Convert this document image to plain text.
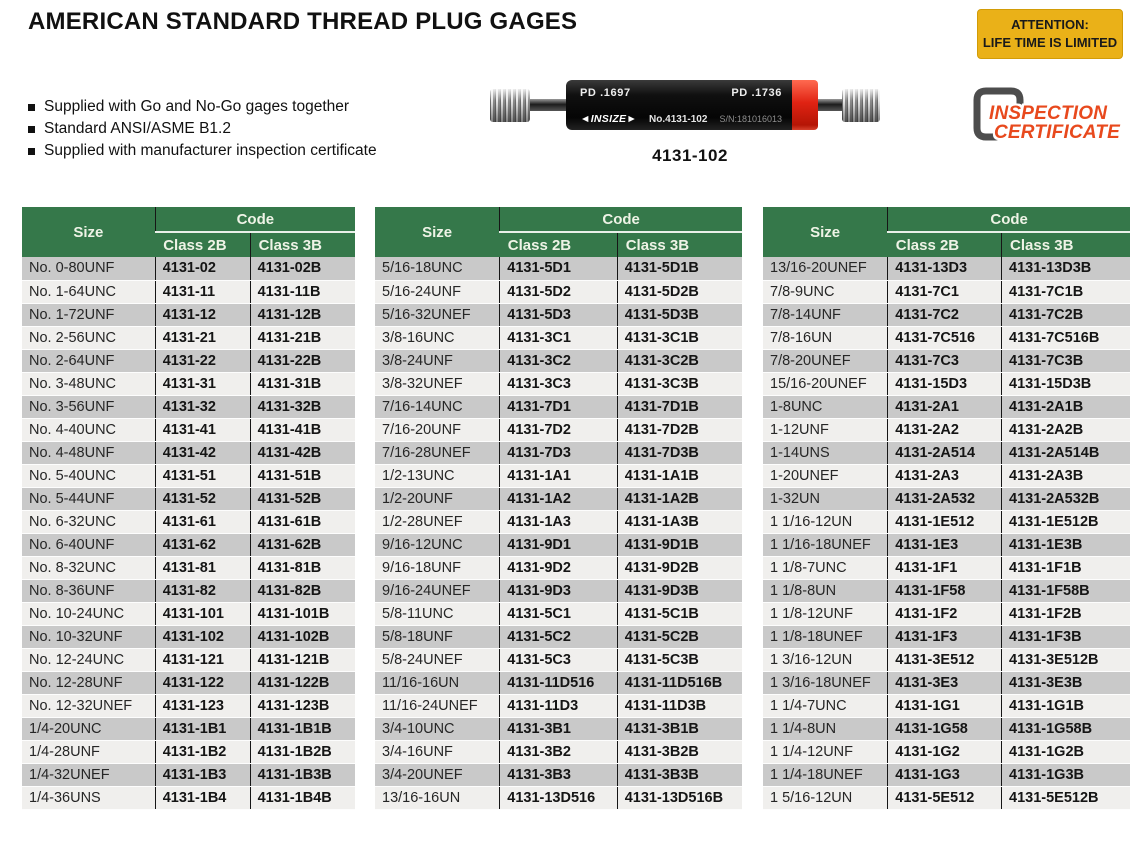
AMERICAN STANDARD THREAD PLUG GAGES	ATTENTION:
LIFE TIME IS LIMITED
Supplied with Go and No-Go gages together
Standard ANSI/ASME B1.2
Supplied with manufacturer inspection certificate
PD .1697	PD .1736
◄INSIZE► No.4131-102 S/N:181016013
4131-102
INSPECTION
CERTIFICATE
Size	Code	
	Class 2B	Class 3B
No. 0-80UNF	4131-02	4131-02B
No. 1-64UNC	4131-11	4131-11B
No. 1-72UNF	4131-12	4131-12B
No. 2-56UNC	4131-21	4131-21B
No. 2-64UNF	4131-22	4131-22B
No. 3-48UNC	4131-31	4131-31B
No. 3-56UNF	4131-32	4131-32B
No. 4-40UNC	4131-41	4131-41B
No. 4-48UNF	4131-42	4131-42B
No. 5-40UNC	4131-51	4131-51B
No. 5-44UNF	4131-52	4131-52B
No. 6-32UNC	4131-61	4131-61B
No. 6-40UNF	4131-62	4131-62B
No. 8-32UNC	4131-81	4131-81B
No. 8-36UNF	4131-82	4131-82B
No. 10-24UNC	4131-101	4131-101B
No. 10-32UNF	4131-102	4131-102B
No. 12-24UNC	4131-121	4131-121B
No. 12-28UNF	4131-122	4131-122B
No. 12-32UNEF	4131-123	4131-123B
1/4-20UNC	4131-1B1	4131-1B1B
1/4-28UNF	4131-1B2	4131-1B2B
1/4-32UNEF	4131-1B3	4131-1B3B
1/4-36UNS	4131-1B4	4131-1B4B
Size	Code	
	Class 2B	Class 3B
5/16-18UNC	4131-5D1	4131-5D1B
5/16-24UNF	4131-5D2	4131-5D2B
5/16-32UNEF	4131-5D3	4131-5D3B
3/8-16UNC	4131-3C1	4131-3C1B
3/8-24UNF	4131-3C2	4131-3C2B
3/8-32UNEF	4131-3C3	4131-3C3B
7/16-14UNC	4131-7D1	4131-7D1B
7/16-20UNF	4131-7D2	4131-7D2B
7/16-28UNEF	4131-7D3	4131-7D3B
1/2-13UNC	4131-1A1	4131-1A1B
1/2-20UNF	4131-1A2	4131-1A2B
1/2-28UNEF	4131-1A3	4131-1A3B
9/16-12UNC	4131-9D1	4131-9D1B
9/16-18UNF	4131-9D2	4131-9D2B
9/16-24UNEF	4131-9D3	4131-9D3B
5/8-11UNC	4131-5C1	4131-5C1B
5/8-18UNF	4131-5C2	4131-5C2B
5/8-24UNEF	4131-5C3	4131-5C3B
11/16-16UN	4131-11D516	4131-11D516B
11/16-24UNEF	4131-11D3	4131-11D3B
3/4-10UNC	4131-3B1	4131-3B1B
3/4-16UNF	4131-3B2	4131-3B2B
3/4-20UNEF	4131-3B3	4131-3B3B
13/16-16UN	4131-13D516	4131-13D516B
Size	Code	
	Class 2B	Class 3B
13/16-20UNEF	4131-13D3	4131-13D3B
7/8-9UNC	4131-7C1	4131-7C1B
7/8-14UNF	4131-7C2	4131-7C2B
7/8-16UN	4131-7C516	4131-7C516B
7/8-20UNEF	4131-7C3	4131-7C3B
15/16-20UNEF	4131-15D3	4131-15D3B
1-8UNC	4131-2A1	4131-2A1B
1-12UNF	4131-2A2	4131-2A2B
1-14UNS	4131-2A514	4131-2A514B
1-20UNEF	4131-2A3	4131-2A3B
1-32UN	4131-2A532	4131-2A532B
1 1/16-12UN	4131-1E512	4131-1E512B
1 1/16-18UNEF	4131-1E3	4131-1E3B
1 1/8-7UNC	4131-1F1	4131-1F1B
1 1/8-8UN	4131-1F58	4131-1F58B
1 1/8-12UNF	4131-1F2	4131-1F2B
1 1/8-18UNEF	4131-1F3	4131-1F3B
1 3/16-12UN	4131-3E512	4131-3E512B
1 3/16-18UNEF	4131-3E3	4131-3E3B
1 1/4-7UNC	4131-1G1	4131-1G1B
1 1/4-8UN	4131-1G58	4131-1G58B
1 1/4-12UNF	4131-1G2	4131-1G2B
1 1/4-18UNEF	4131-1G3	4131-1G3B
1 5/16-12UN	4131-5E512	4131-5E512B
